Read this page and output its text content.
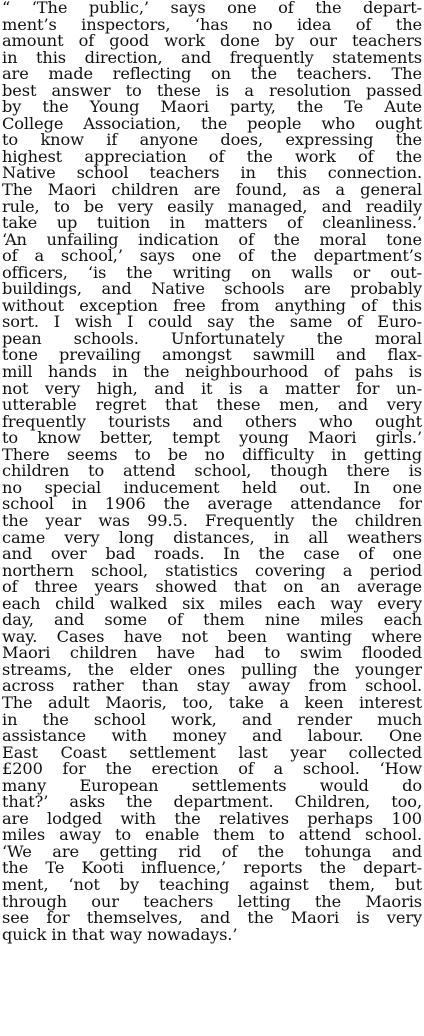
“ ‘The public,’ says one of the depart-
ment’s inspectors, ‘has no idea of the
amount of good work done by our teachers
in this direction, and frequently statements
are made reflecting on the teachers. The
best answer to these is a resolution passed
by the Young Maori party, the Te Aute
College Association, the people who ought
to know if anyone does, expressing the
highest appreciation of the work of the
Native school teachers in this connection.
The Maori children are found, as a general
rule, to be very easily managed, and readily
take up tuition in matters of cleanliness.’
‘An unfailing indication of the moral tone
of a school,’ says one of the department’s
officers, ‘is the writing on walls or out-
buildings, and Native schools are probably
without exception free from anything of this
sort. I wish I could say the same of Euro-
pean schools. Unfortunately the moral
tone prevailing amongst sawmill and flax-
mill hands in the neighbourhood of pahs is
not very high, and it is a matter for un-
utterable regret that these men, and very
frequently tourists and others who ought
to know better, tempt young Maori girls.’
There seems to be no difficulty in getting
children to attend school, though there is
no special inducement held out. In one
school in 1906 the average attendance for
the year was 99.5. Frequently the children
came very long distances, in all weathers
and over bad roads. In the case of one
northern school, statistics covering a period
of three years showed that on an average
each child walked six miles each way every
day, and some of them nine miles each
way. Cases have not been wanting where
Maori children have had to swim flooded
streams, the elder ones pulling the younger
across rather than stay away from school.
The adult Maoris, too, take a keen interest
in the school work, and render much
assistance with money and labour. One
East Coast settlement last year collected
£200 for the erection of a school. ‘How
many European settlements would do
that?’ asks the department. Children, too,
are lodged with the relatives perhaps 100
miles away to enable them to attend school.
‘We are getting rid of the tohunga and
the Te Kooti influence,’ reports the depart-
ment, ‘not by teaching against them, but
through our teachers letting the Maoris
see for themselves, and the Maori is very
quick in that way nowadays.’
